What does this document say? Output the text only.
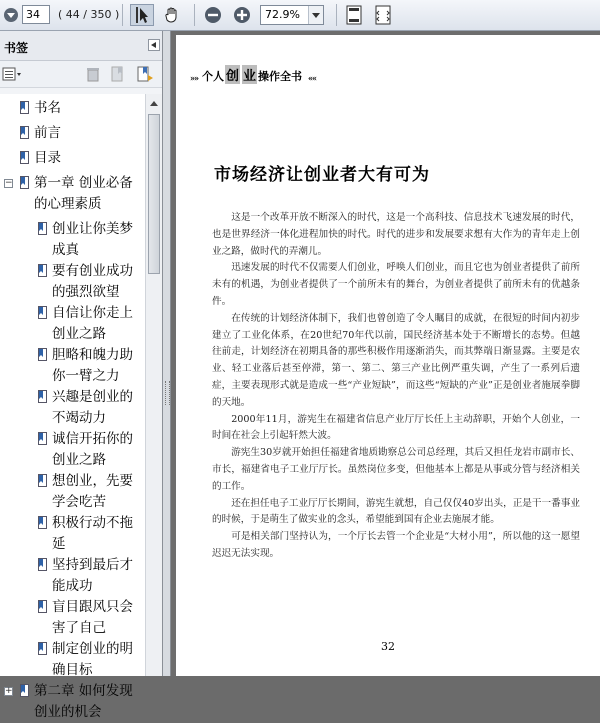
34	( 44 / 350 )	72.9%
书签
书名
前言
目录
− 第一章 创业必备的心理素质
创业让你美梦成真
要有创业成功的强烈欲望
自信让你走上创业之路
胆略和魄力助你一臂之力
兴趣是创业的不竭动力
诚信开拓你的创业之路
想创业，先要学会吃苦
积极行动不拖延
坚持到最后才能成功
盲目跟风只会害了自己
制定创业的明确目标
+ 第二章 如何发现创业的机会
»» 个人 创 业 操作全书 ««
市场经济让创业者大有可为

这是一个改革开放不断深入的时代，这是一个高科技、信息技术飞速发展的时代，也是世界经济一体化进程加快的时代。时代的进步和发展要求想有大作为的青年走上创业之路，做时代的弄潮儿。

迅速发展的时代不仅需要人们创业，呼唤人们创业，而且它也为创业者提供了前所未有的机遇，为创业者提供了一个前所未有的舞台，为创业者提供了前所未有的优越条件。

在传统的计划经济体制下，我们也曾创造了令人瞩目的成就，在很短的时间内初步建立了工业化体系，在20世纪70年代以前，国民经济基本处于不断增长的态势。但越往前走，计划经济在初期具备的那些积极作用逐渐消失，而其弊端日渐显露。主要是农业、轻工业落后甚至停滞，第一、第二、第三产业比例严重失调，产生了一系列后遗症，主要表现形式就是造成一些“产业短缺”，而这些“短缺的产业”正是创业者施展拳脚的天地。

2000年11月，游宪生在福建省信息产业厅厅长任上主动辞职，开始个人创业，一时间在社会上引起轩然大波。

游宪生30岁就开始担任福建省地质勘察总公司总经理，其后又担任龙岩市副市长、市长，福建省电子工业厅厅长。虽然岗位多变，但他基本上都是从事或分管与经济相关的工作。

还在担任电子工业厅厅长期间，游宪生就想，自己仅仅40岁出头，正是干一番事业的时候，于是萌生了做实业的念头，希望能到国有企业去施展才能。

可是相关部门坚持认为，一个厅长去管一个企业是“大材小用”，所以他的这一愿望迟迟无法实现。

32
